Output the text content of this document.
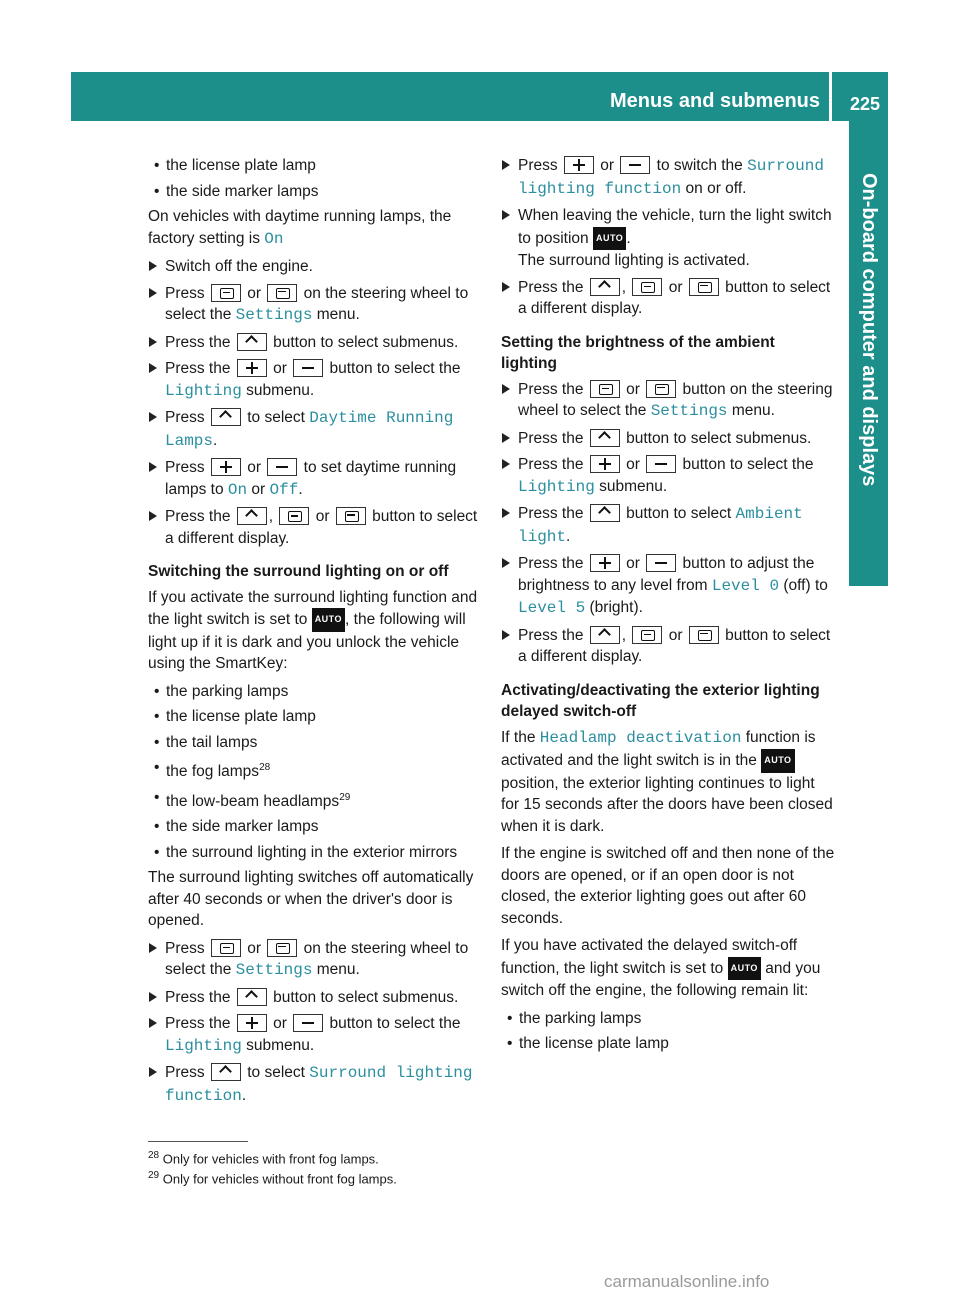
Menus and submenus 225
On-board computer and displays
• the license plate lamp
• the side marker lamps
On vehicles with daytime running lamps, the factory setting is On
Switch off the engine.
Press  or  on the steering wheel to select the Settings menu.
Press the  button to select submenus.
Press the  or  button to select the Lighting submenu.
Press  to select Daytime Running Lamps.
Press  or  to set daytime running lamps to On or Off.
Press the ,  or  button to select a different display.
Switching the surround lighting on or off
If you activate the surround lighting function and the light switch is set to AUTO , the following will light up if it is dark and you unlock the vehicle using the SmartKey:
• the parking lamps
• the license plate lamp
• the tail lamps
• the fog lamps$^{28}$
• the low-beam headlamps$^{29}$
• the side marker lamps
• the surround lighting in the exterior mirrors
The surround lighting switches off automatically after 40 seconds or when the driver's door is opened.
Press  or  on the steering wheel to select the Settings menu.
Press the  button to select submenus.
Press the  or  button to select the Lighting submenu.
Press  to select Surround lighting function.
Press  or  to switch the Surround lighting function on or off.
When leaving the vehicle, turn the light switch to position AUTO .
The surround lighting is activated.
Press the ,  or  button to select a different display.
Setting the brightness of the ambient lighting
Press the  or  button on the steering wheel to select the Settings menu.
Press the  button to select submenus.
Press the  or  button to select the Lighting submenu.
Press the  button to select Ambient light.
Press the  or  button to adjust the brightness to any level from Level 0 (off) to Level 5 (bright).
Press the ,  or  button to select a different display.
Activating/deactivating the exterior lighting delayed switch-off
If the Headlamp deactivation function is activated and the light switch is in the AUTO position, the exterior lighting continues to light for 15 seconds after the doors have been closed when it is dark.
If the engine is switched off and then none of the doors are opened, or if an open door is not closed, the exterior lighting goes out after 60 seconds.
If you have activated the delayed switch-off function, the light switch is set to AUTO and you switch off the engine, the following remain lit:
• the parking lamps
• the license plate lamp
$^{28}$ Only for vehicles with front fog lamps.
$^{29}$ Only for vehicles without front fog lamps.
carmanualsonline.info
